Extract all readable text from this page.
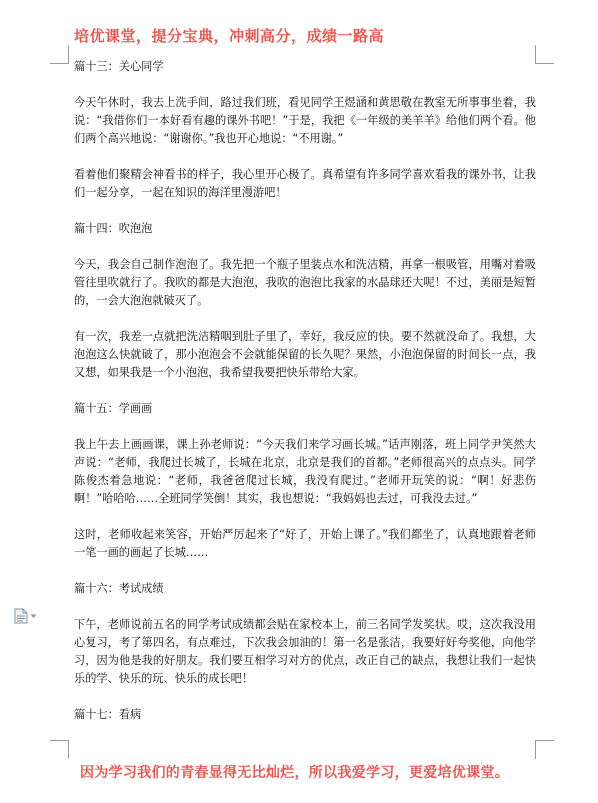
培优课堂，提分宝典，冲刺高分，成绩一路高
篇十三：关心同学

今天午休时，我去上洗手间，路过我们班，看见同学王煜涵和黄思敬在教室无所事事坐着，我说：“我借你们一本好看有趣的课外书吧！”于是，我把《一年级的美羊羊》给他们两个看。他们两个高兴地说：“谢谢你。”我也开心地说：“不用谢。”

看着他们聚精会神看书的样子，我心里开心极了。真希望有许多同学喜欢看我的课外书，让我们一起分享，一起在知识的海洋里漫游吧！

篇十四：吹泡泡

今天，我会自己制作泡泡了。我先把一个瓶子里装点水和洗洁精，再拿一根吸管，用嘴对着吸管往里吹就行了。我吹的都是大泡泡，我吹的泡泡比我家的水晶球还大呢！不过，美丽是短暂的，一会大泡泡就破灭了。

有一次，我差一点就把洗洁精咽到肚子里了，幸好，我反应的快。要不然就没命了。我想，大泡泡这么快就破了，那小泡泡会不会就能保留的长久呢？果然，小泡泡保留的时间长一点，我又想，如果我是一个小泡泡，我希望我要把快乐带给大家。

篇十五：学画画

我上午去上画画课，课上孙老师说：“今天我们来学习画长城。”话声刚落，班上同学尹笑然大声说：“老师，我爬过长城了，长城在北京，北京是我们的首都。”老师很高兴的点点头。同学陈俊杰着急地说：“老师，我爸爸爬过长城，我没有爬过。”老师开玩笑的说：“啊！好悲伤啊！”哈哈哈……全班同学笑倒！其实，我也想说：“我妈妈也去过，可我没去过。”

这时，老师收起来笑容，开始严厉起来了“好了，开始上课了。”我们都坐了，认真地跟着老师一笔一画的画起了长城……

篇十六：考试成绩

下午，老师说前五名的同学考试成绩都会贴在家校本上，前三名同学发奖状。哎，这次我没用心复习，考了第四名，有点难过，下次我会加油的！第一名是张洁，我要好好夸奖他，向他学习，因为他是我的好朋友。我们要互相学习对方的优点，改正自己的缺点，我想让我们一起快乐的学、快乐的玩、快乐的成长吧！

篇十七：看病
因为学习我们的青春显得无比灿烂，所以我爱学习，更爱培优课堂。
